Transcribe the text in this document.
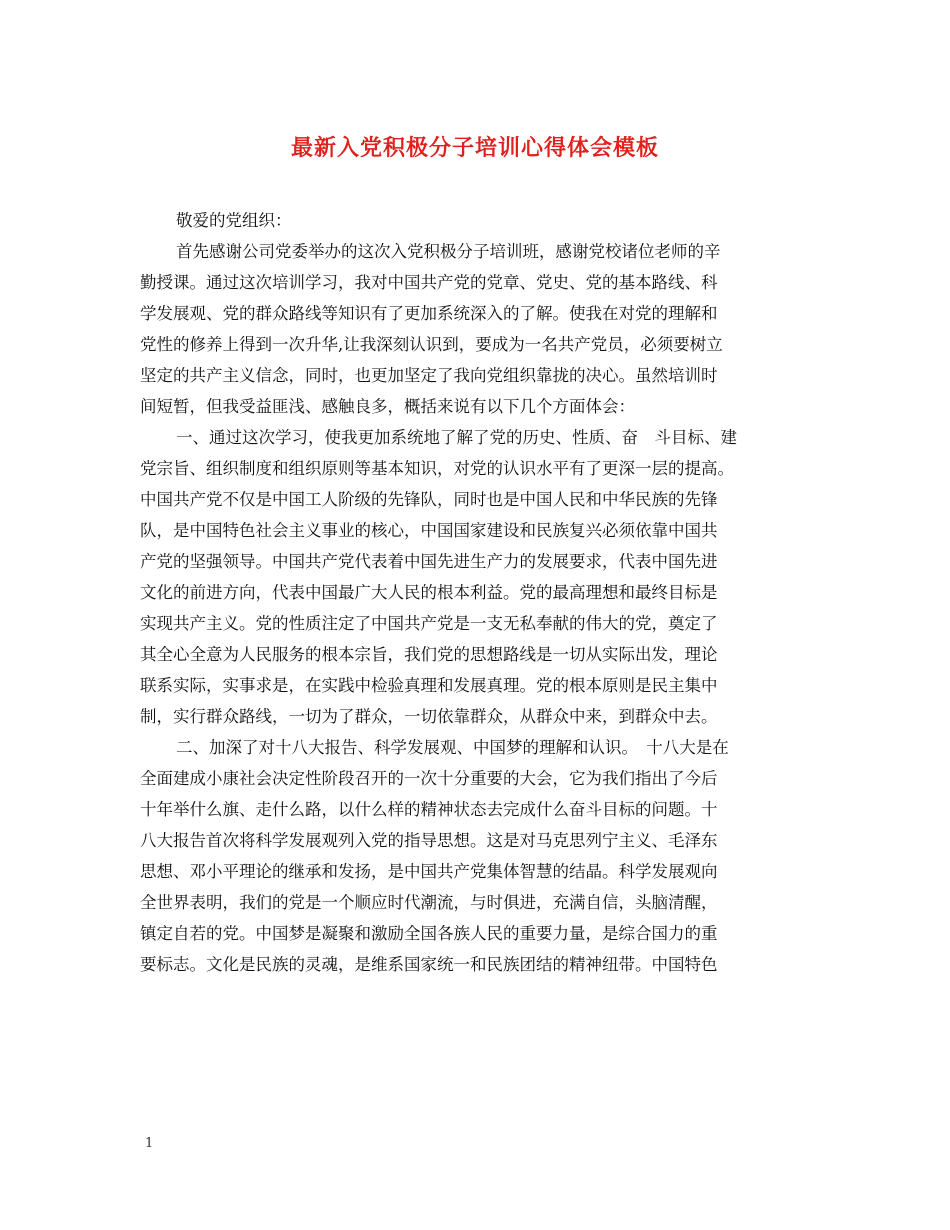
最新入党积极分子培训心得体会模板
敬爱的党组织：
首先感谢公司党委举办的这次入党积极分子培训班，感谢党校诸位老师的辛
勤授课。通过这次培训学习，我对中国共产党的党章、党史、党的基本路线、科
学发展观、党的群众路线等知识有了更加系统深入的了解。使我在对党的理解和
党性的修养上得到一次升华,让我深刻认识到，要成为一名共产党员，必须要树立
坚定的共产主义信念，同时，也更加坚定了我向党组织靠拢的决心。虽然培训时
间短暂，但我受益匪浅、感触良多，概括来说有以下几个方面体会：
一、通过这次学习，使我更加系统地了解了党的历史、性质、奋　斗目标、建
党宗旨、组织制度和组织原则等基本知识，对党的认识水平有了更深一层的提高。
中国共产党不仅是中国工人阶级的先锋队，同时也是中国人民和中华民族的先锋
队，是中国特色社会主义事业的核心，中国国家建设和民族复兴必须依靠中国共
产党的坚强领导。中国共产党代表着中国先进生产力的发展要求，代表中国先进
文化的前进方向，代表中国最广大人民的根本利益。党的最高理想和最终目标是
实现共产主义。党的性质注定了中国共产党是一支无私奉献的伟大的党，奠定了
其全心全意为人民服务的根本宗旨，我们党的思想路线是一切从实际出发，理论
联系实际，实事求是，在实践中检验真理和发展真理。党的根本原则是民主集中
制，实行群众路线，一切为了群众，一切依靠群众，从群众中来，到群众中去。
二、加深了对十八大报告、科学发展观、中国梦的理解和认识。　十八大是在
全面建成小康社会决定性阶段召开的一次十分重要的大会，它为我们指出了今后
十年举什么旗、走什么路，以什么样的精神状态去完成什么奋斗目标的问题。十
八大报告首次将科学发展观列入党的指导思想。这是对马克思列宁主义、毛泽东
思想、邓小平理论的继承和发扬，是中国共产党集体智慧的结晶。科学发展观向
全世界表明，我们的党是一个顺应时代潮流，与时俱进，充满自信，头脑清醒，
镇定自若的党。中国梦是凝聚和激励全国各族人民的重要力量，是综合国力的重
要标志。文化是民族的灵魂，是维系国家统一和民族团结的精神纽带。中国特色
1
